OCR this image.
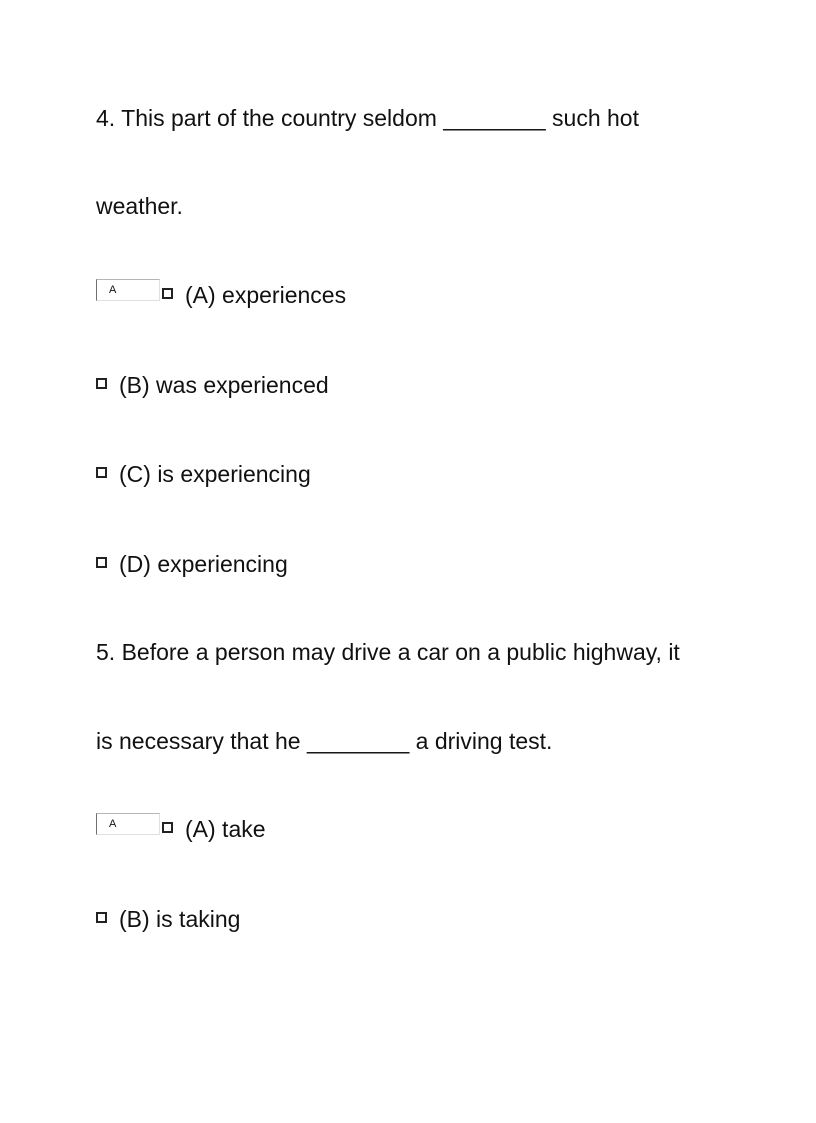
4. This part of the country seldom ________ such hot
weather.
A	(A) experiences
(B) was experienced
(C) is experiencing
(D) experiencing
5. Before a person may drive a car on a public highway, it
is necessary that he ________ a driving test.
A	(A) take
(B) is taking
